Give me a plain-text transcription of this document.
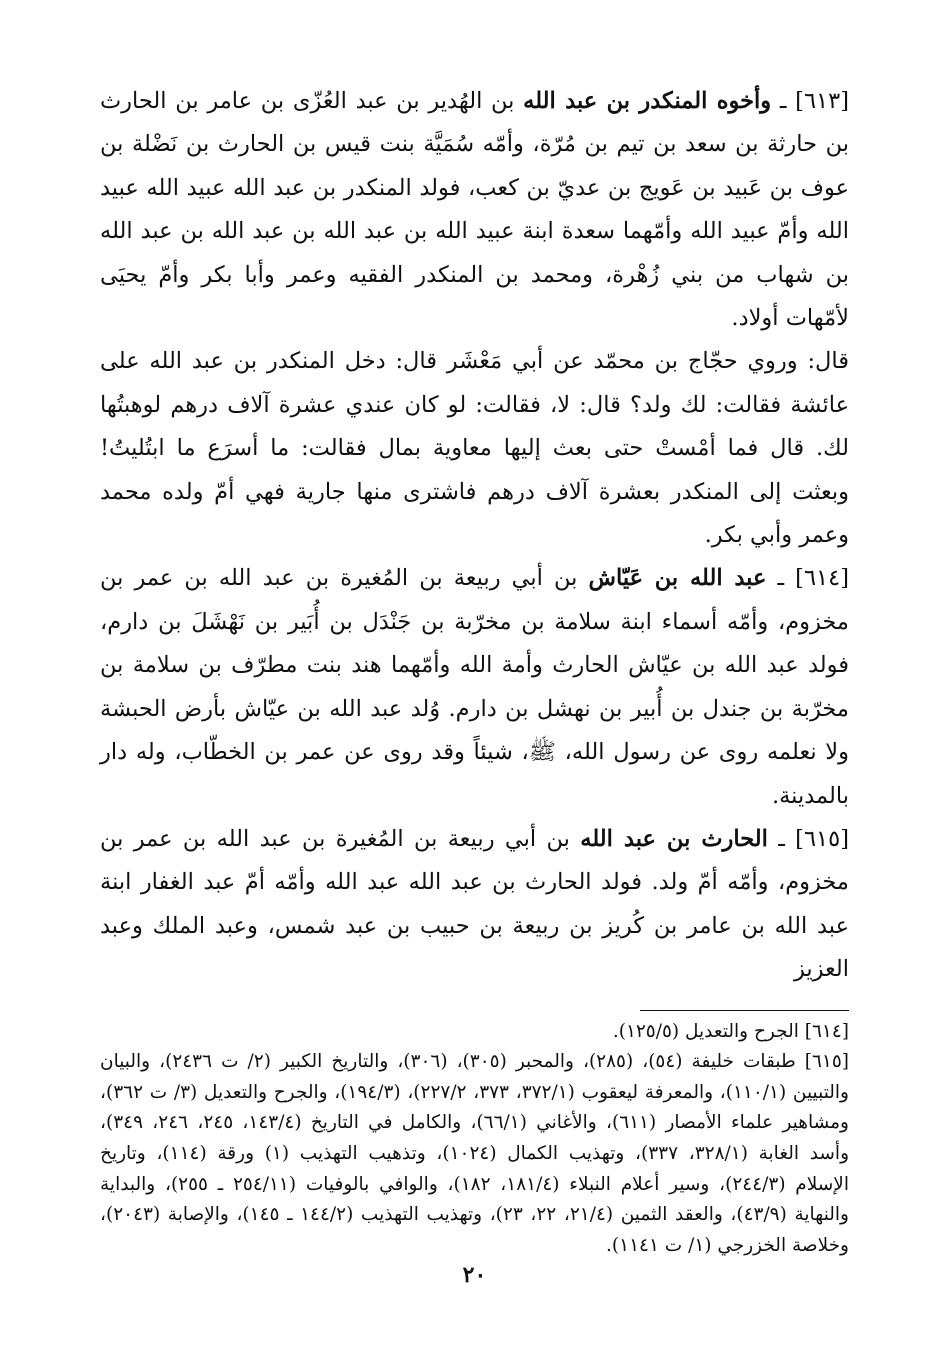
[٦١٣] ـ وأخوه المنكدر بن عبد الله بن الهُدير بن عبد العُزّى بن عامر بن الحارث بن حارثة بن سعد بن تيم بن مُرّة، وأمّه سُمَيَّة بنت قيس بن الحارث بن نَضْلة بن عوف بن عَبيد بن عَويج بن عديّ بن كعب، فولد المنكدر بن عبد الله عبيد الله عبيد الله وأمّ عبيد الله وأمّهما سعدة ابنة عبيد الله بن عبد الله بن عبد الله بن عبد الله بن شهاب من بني زُهْرة، ومحمد بن المنكدر الفقيه وعمر وأبا بكر وأمّ يحيَى لأمّهات أولاد.

قال: وروي حجّاج بن محمّد عن أبي مَعْشَر قال: دخل المنكدر بن عبد الله على عائشة فقالت: لك ولد؟ قال: لا، فقالت: لو كان عندي عشرة آلاف درهم لوهبتُها لك. قال فما أمْستْ حتى بعث إليها معاوية بمال فقالت: ما أسرَع ما ابتُليتُ! وبعثت إلى المنكدر بعشرة آلاف درهم فاشترى منها جارية فهي أمّ ولده محمد وعمر وأبي بكر.

[٦١٤] ـ عبد الله بن عَيّاش بن أبي ربيعة بن المُغيرة بن عبد الله بن عمر بن مخزوم، وأمّه أسماء ابنة سلامة بن مخرّبة بن جَنْدَل بن أُبَير بن نَهْشَلَ بن دارم، فولد عبد الله بن عيّاش الحارث وأمة الله وأمّهما هند بنت مطرّف بن سلامة بن مخرّبة بن جندل بن أُبير بن نهشل بن دارم. وُلد عبد الله بن عيّاش بأرض الحبشة ولا نعلمه روى عن رسول الله، ﷺ، شيئاً وقد روى عن عمر بن الخطّاب، وله دار بالمدينة.

[٦١٥] ـ الحارث بن عبد الله بن أبي ربيعة بن المُغيرة بن عبد الله بن عمر بن مخزوم، وأمّه أمّ ولد. فولد الحارث بن عبد الله عبد الله وأمّه أمّ عبد الغفار ابنة عبد الله بن عامر بن كُريز بن ربيعة بن حبيب بن عبد شمس، وعبد الملك وعبد العزيز

[٦١٤] الجرح والتعديل (١٢٥/٥).

[٦١٥] طبقات خليفة (٥٤)، (٢٨٥)، والمحبر (٣٠٥)، (٣٠٦)، والتاريخ الكبير (٢/ ت ٢٤٣٦)، والبيان والتبيين (١١٠/١)، والمعرفة ليعقوب (٣٧٢/١، ٣٧٣، ٢٢٧/٢)، (١٩٤/٣)، والجرح والتعديل (٣/ ت ٣٦٢)، ومشاهير علماء الأمصار (٦١١)، والأغاني (٦٦/١)، والكامل في التاريخ (١٤٣/٤، ٢٤٥، ٢٤٦، ٣٤٩)، وأسد الغابة (٣٢٨/١، ٣٣٧)، وتهذيب الكمال (١٠٢٤)، وتذهيب التهذيب (١) ورقة (١١٤)، وتاريخ الإسلام (٢٤٤/٣)، وسير أعلام النبلاء (١٨١/٤، ١٨٢)، والوافي بالوفيات (٢٥٤/١١ ـ ٢٥٥)، والبداية والنهاية (٤٣/٩)، والعقد الثمين (٢١/٤، ٢٢، ٢٣)، وتهذيب التهذيب (١٤٤/٢ ـ ١٤٥)، والإصابة (٢٠٤٣)، وخلاصة الخزرجي (١/ ت ١١٤١).

٢٠
